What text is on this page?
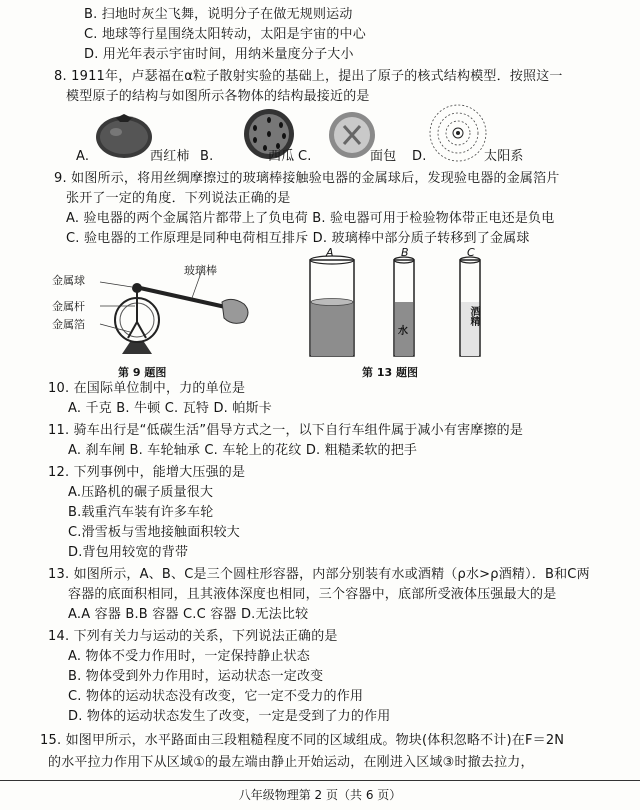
B. 扫地时灰尘飞舞，说明分子在做无规则运动
C. 地球等行星围绕太阳转动，太阳是宇宙的中心
D. 用光年表示宇宙时间，用纳米量度分子大小
8. 1911年，卢瑟福在α粒子散射实验的基础上，提出了原子的核式结构模型．按照这一
模型原子的结构与如图所示各物体的结构最接近的是
A.	西红柿 B.	西瓜 C.	面包 D.	太阳系
9. 如图所示，将用丝绸摩擦过的玻璃棒接触验电器的金属球后，发现验电器的金属箔片
张开了一定的角度．下列说法正确的是
A. 验电器的两个金属箔片都带上了负电荷 B. 验电器可用于检验物体带正电还是负电
C. 验电器的工作原理是同种电荷相互排斥 D. 玻璃棒中部分质子转移到了金属球
金属球
玻璃棒
金属杆
金属箔
第 9 题图
A	B	C
水
酒精
第 13 题图
10. 在国际单位制中，力的单位是
A. 千克 B. 牛顿 C. 瓦特 D. 帕斯卡
11. 骑车出行是“低碳生活”倡导方式之一，以下自行车组件属于减小有害摩擦的是
A. 刹车闸 B. 车轮轴承 C. 车轮上的花纹 D. 粗糙柔软的把手
12. 下列事例中，能增大压强的是
A.压路机的碾子质量很大
B.载重汽车装有许多车轮
C.滑雪板与雪地接触面积较大
D.背包用较宽的背带
13. 如图所示，A、B、C是三个圆柱形容器，内部分别装有水或酒精（ρ水>ρ酒精）．B和C两
容器的底面积相同，且其液体深度也相同，三个容器中，底部所受液体压强最大的是
A.A 容器 B.B 容器 C.C 容器 D.无法比较
14. 下列有关力与运动的关系，下列说法正确的是
A. 物体不受力作用时，一定保持静止状态
B. 物体受到外力作用时，运动状态一定改变
C. 物体的运动状态没有改变，它一定不受力的作用
D. 物体的运动状态发生了改变，一定是受到了力的作用
15. 如图甲所示，水平路面由三段粗糙程度不同的区域组成。物块(体积忽略不计)在F＝2N
的水平拉力作用下从区域①的最左端由静止开始运动，在刚进入区域③时撤去拉力，
八年级物理第 2 页（共 6 页）
